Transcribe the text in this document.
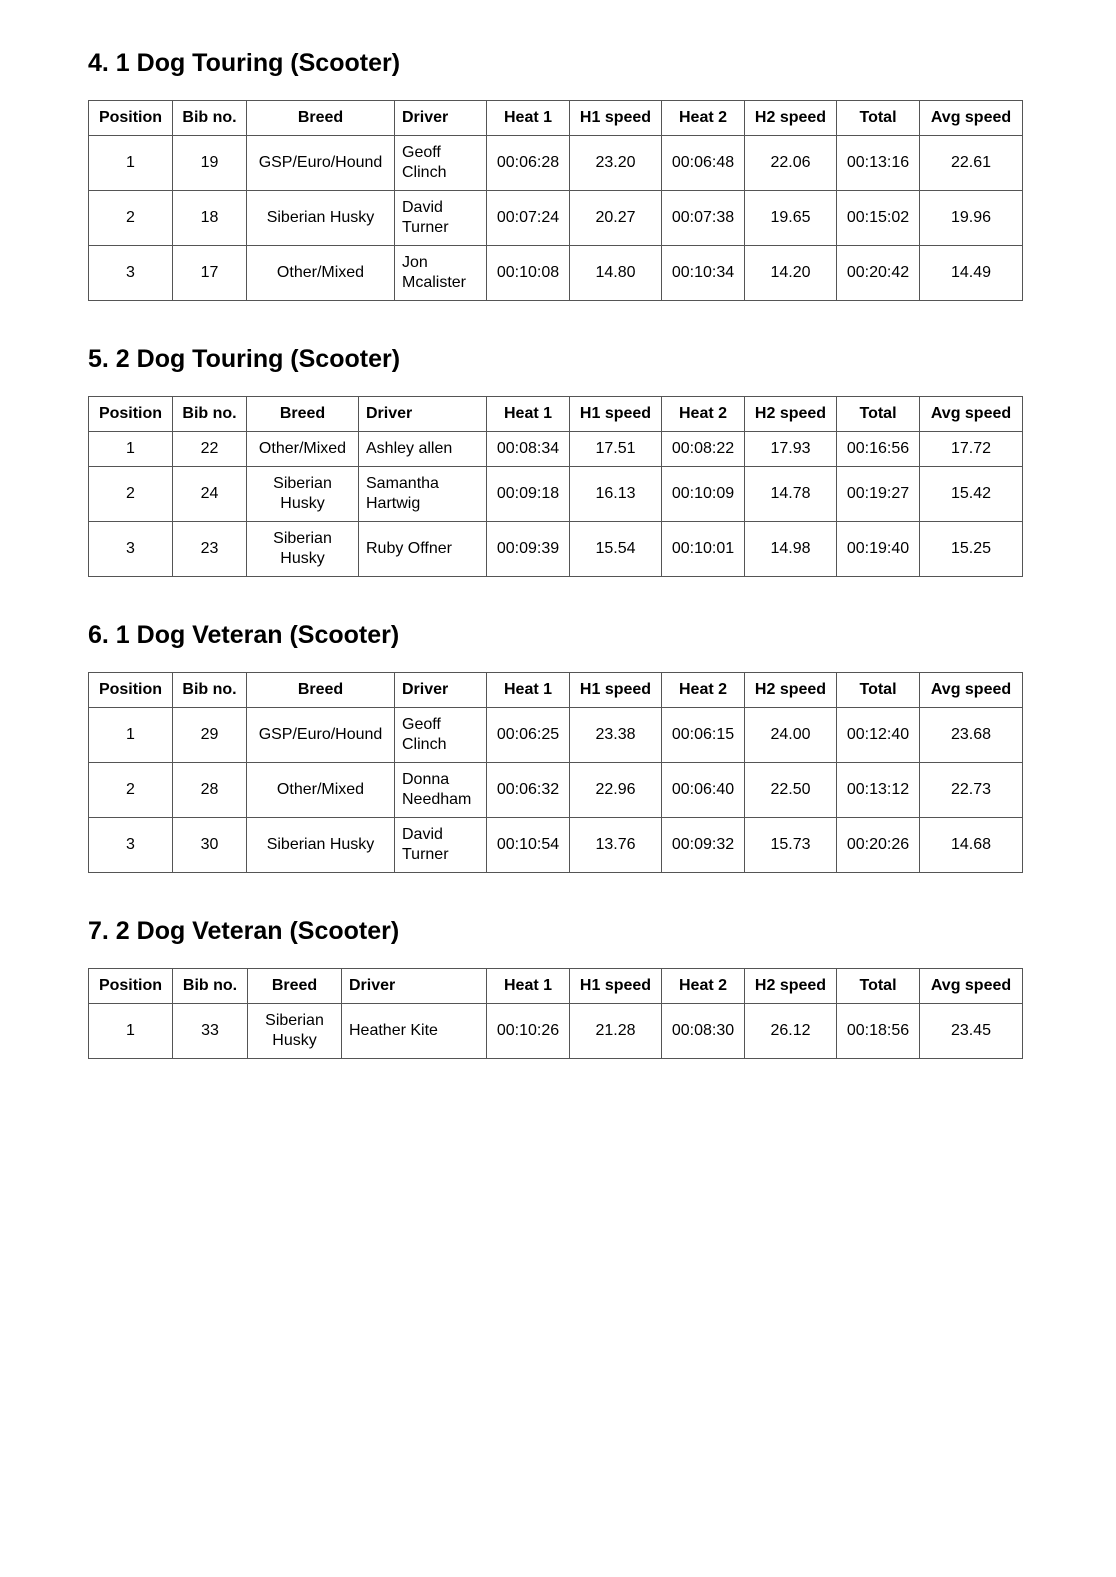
4. 1 Dog Touring (Scooter)
Position	Bib no.	Breed	Driver	Heat 1	H1 speed	Heat 2	H2 speed	Total	Avg speed
1	19	GSP/Euro/Hound	Geoff Clinch	00:06:28	23.20	00:06:48	22.06	00:13:16	22.61
2	18	Siberian Husky	David Turner	00:07:24	20.27	00:07:38	19.65	00:15:02	19.96
3	17	Other/Mixed	Jon Mcalister	00:10:08	14.80	00:10:34	14.20	00:20:42	14.49
5. 2 Dog Touring (Scooter)
Position	Bib no.	Breed	Driver	Heat 1	H1 speed	Heat 2	H2 speed	Total	Avg speed
1	22	Other/Mixed	Ashley allen	00:08:34	17.51	00:08:22	17.93	00:16:56	17.72
2	24	Siberian Husky	Samantha Hartwig	00:09:18	16.13	00:10:09	14.78	00:19:27	15.42
3	23	Siberian Husky	Ruby Offner	00:09:39	15.54	00:10:01	14.98	00:19:40	15.25
6. 1 Dog Veteran (Scooter)
Position	Bib no.	Breed	Driver	Heat 1	H1 speed	Heat 2	H2 speed	Total	Avg speed
1	29	GSP/Euro/Hound	Geoff Clinch	00:06:25	23.38	00:06:15	24.00	00:12:40	23.68
2	28	Other/Mixed	Donna Needham	00:06:32	22.96	00:06:40	22.50	00:13:12	22.73
3	30	Siberian Husky	David Turner	00:10:54	13.76	00:09:32	15.73	00:20:26	14.68
7. 2 Dog Veteran (Scooter)
Position	Bib no.	Breed	Driver	Heat 1	H1 speed	Heat 2	H2 speed	Total	Avg speed
1	33	Siberian Husky	Heather Kite	00:10:26	21.28	00:08:30	26.12	00:18:56	23.45
